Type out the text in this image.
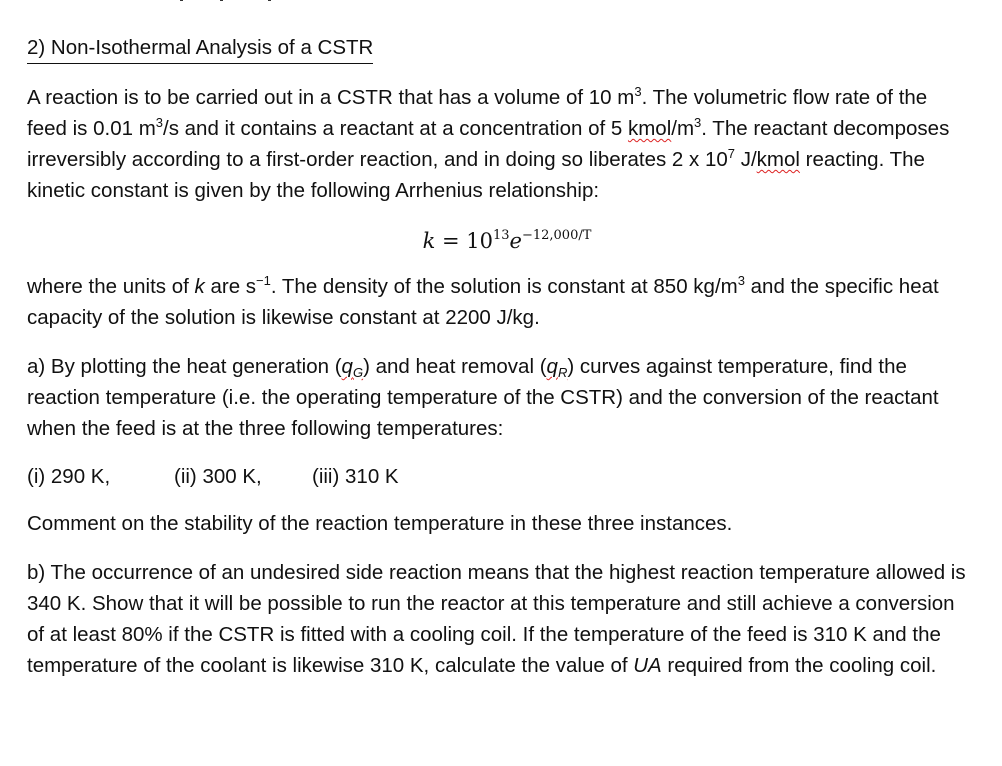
2) Non-Isothermal Analysis of a CSTR

A reaction is to be carried out in a CSTR that has a volume of 10 $m^3$. The volumetric flow rate of the feed is 0.01 $m^3/s$ and it contains a reactant at a concentration of 5 kmol/$m^3$. The reactant decomposes irreversibly according to a first-order reaction, and in doing so liberates 2 x $10^7$ J/kmol reacting. The kinetic constant is given by the following Arrhenius relationship:

$k = 10^{13}e^{-12,000/T}$

where the units of k are $s^{-1}$. The density of the solution is constant at 850 $kg/m^3$ and the specific heat capacity of the solution is likewise constant at 2200 J/kg.

a) By plotting the heat generation $(q_G)$ and heat removal $(q_R)$ curves against temperature, find the reaction temperature (i.e. the operating temperature of the CSTR) and the conversion of the reactant when the feed is at the three following temperatures:

(i) 290 K,	(ii) 300 K, (iii) 310 K

Comment on the stability of the reaction temperature in these three instances.

b) The occurrence of an undesired side reaction means that the highest reaction temperature allowed is 340 K. Show that it will be possible to run the reactor at this temperature and still achieve a conversion of at least 80% if the CSTR is fitted with a cooling coil. If the temperature of the feed is 310 K and the temperature of the coolant is likewise 310 K, calculate the value of UA required from the cooling coil.
